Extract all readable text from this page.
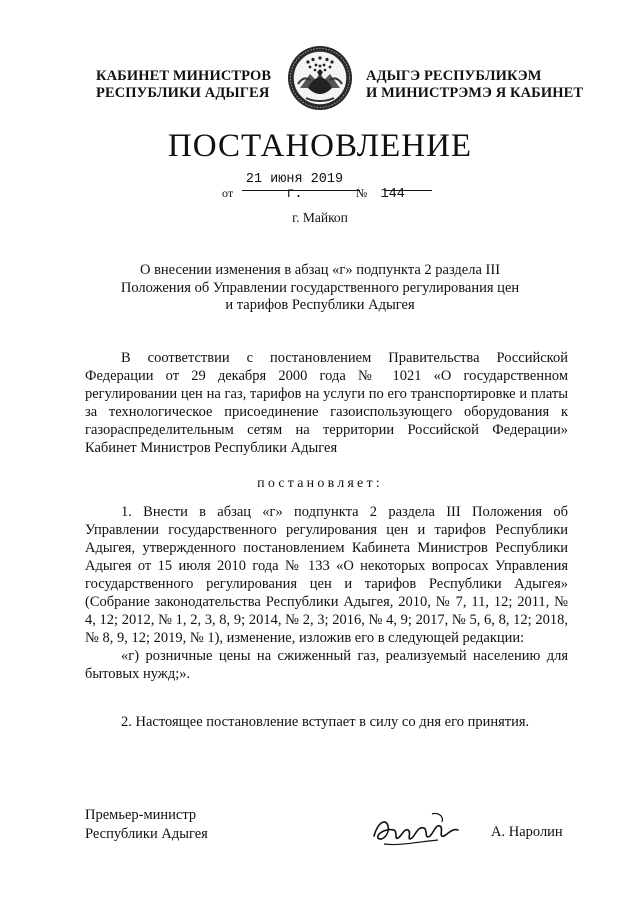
КАБИНЕТ МИНИСТРОВ
РЕСПУБЛИКИ АДЫГЕЯ
АДЫГЭ РЕСПУБЛИКЭМ
И МИНИСТРЭМЭ Я КАБИНЕТ
ПОСТАНОВЛЕНИЕ
от 21 июня 2019 г.	№ 144
г. Майкоп
О внесении изменения в абзац «г» подпункта 2 раздела III
Положения об Управлении государственного регулирования цен
и тарифов Республики Адыгея
В соответствии с постановлением Правительства Российской Федерации от 29 декабря 2000 года № 1021 «О государственном регулировании цен на газ, тарифов на услуги по его транспортировке и платы за технологическое присоединение газоиспользующего оборудования к газораспределительным сетям на территории Российской Федерации» Кабинет Министров Республики Адыгея
постановляет:
1. Внести в абзац «г» подпункта 2 раздела III Положения об Управлении государственного регулирования цен и тарифов Республики Адыгея, утвержденного постановлением Кабинета Министров Республики Адыгея от 15 июля 2010 года № 133 «О некоторых вопросах Управления государственного регулирования цен и тарифов Республики Адыгея» (Собрание законодательства Республики Адыгея, 2010, № 7, 11, 12; 2011, № 4, 12; 2012, № 1, 2, 3, 8, 9; 2014, № 2, 3; 2016, № 4, 9; 2017, № 5, 6, 8, 12; 2018, № 8, 9, 12; 2019, № 1), изменение, изложив его в следующей редакции:
«г) розничные цены на сжиженный газ, реализуемый населению для бытовых нужд;».
2. Настоящее постановление вступает в силу со дня его принятия.
Премьер-министр
Республики Адыгея	А. Наролин
